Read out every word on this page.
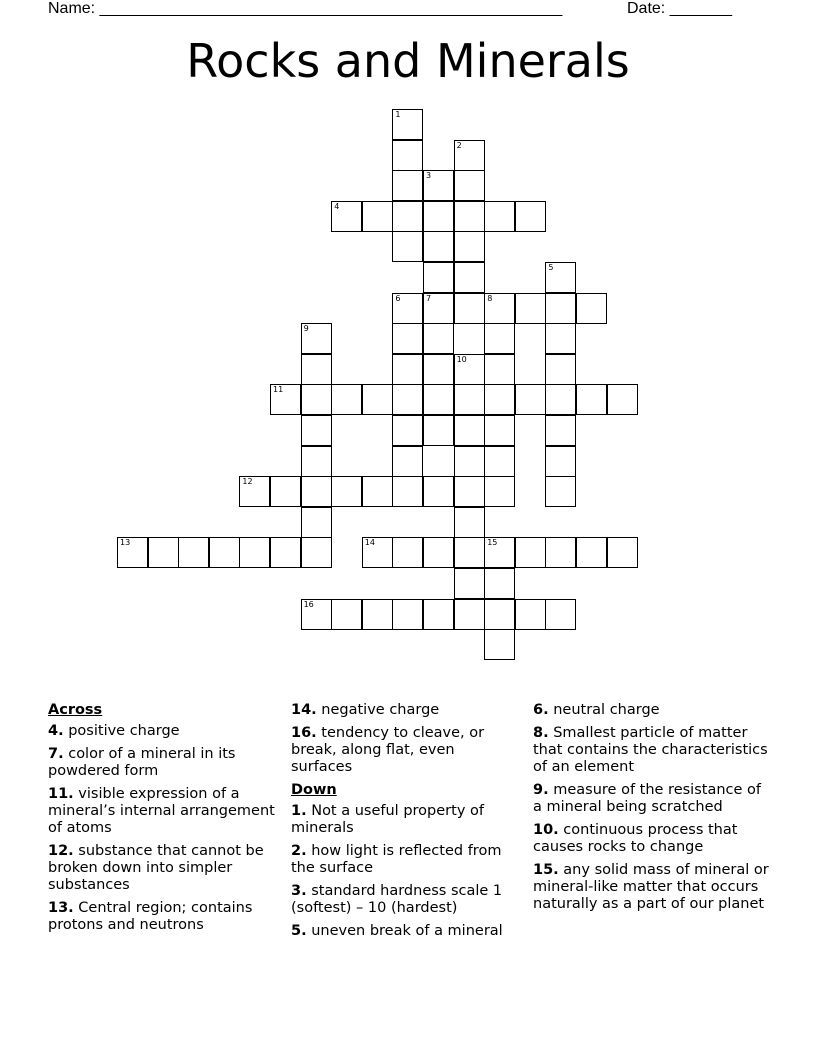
Name: ____________________________________________________	Date: _______
Rocks and Minerals
1
2
3
7
4
5
6	8
9
10
11
12
13	14	15
16
Across
4. positive charge
7. color of a mineral in its powdered form
11. visible expression of a mineral’s internal arrangement of atoms
12. substance that cannot be broken down into simpler substances
13. Central region; contains protons and neutrons
14. negative charge
16. tendency to cleave, or break, along flat, even surfaces
Down
1. Not a useful property of minerals
2. how light is reflected from the surface
3. standard hardness scale 1 (softest) – 10 (hardest)
5. uneven break of a mineral
6. neutral charge
8. Smallest particle of matter that contains the characteristics of an element
9. measure of the resistance of a mineral being scratched
10. continuous process that causes rocks to change
15. any solid mass of mineral or mineral-like matter that occurs naturally as a part of our planet
